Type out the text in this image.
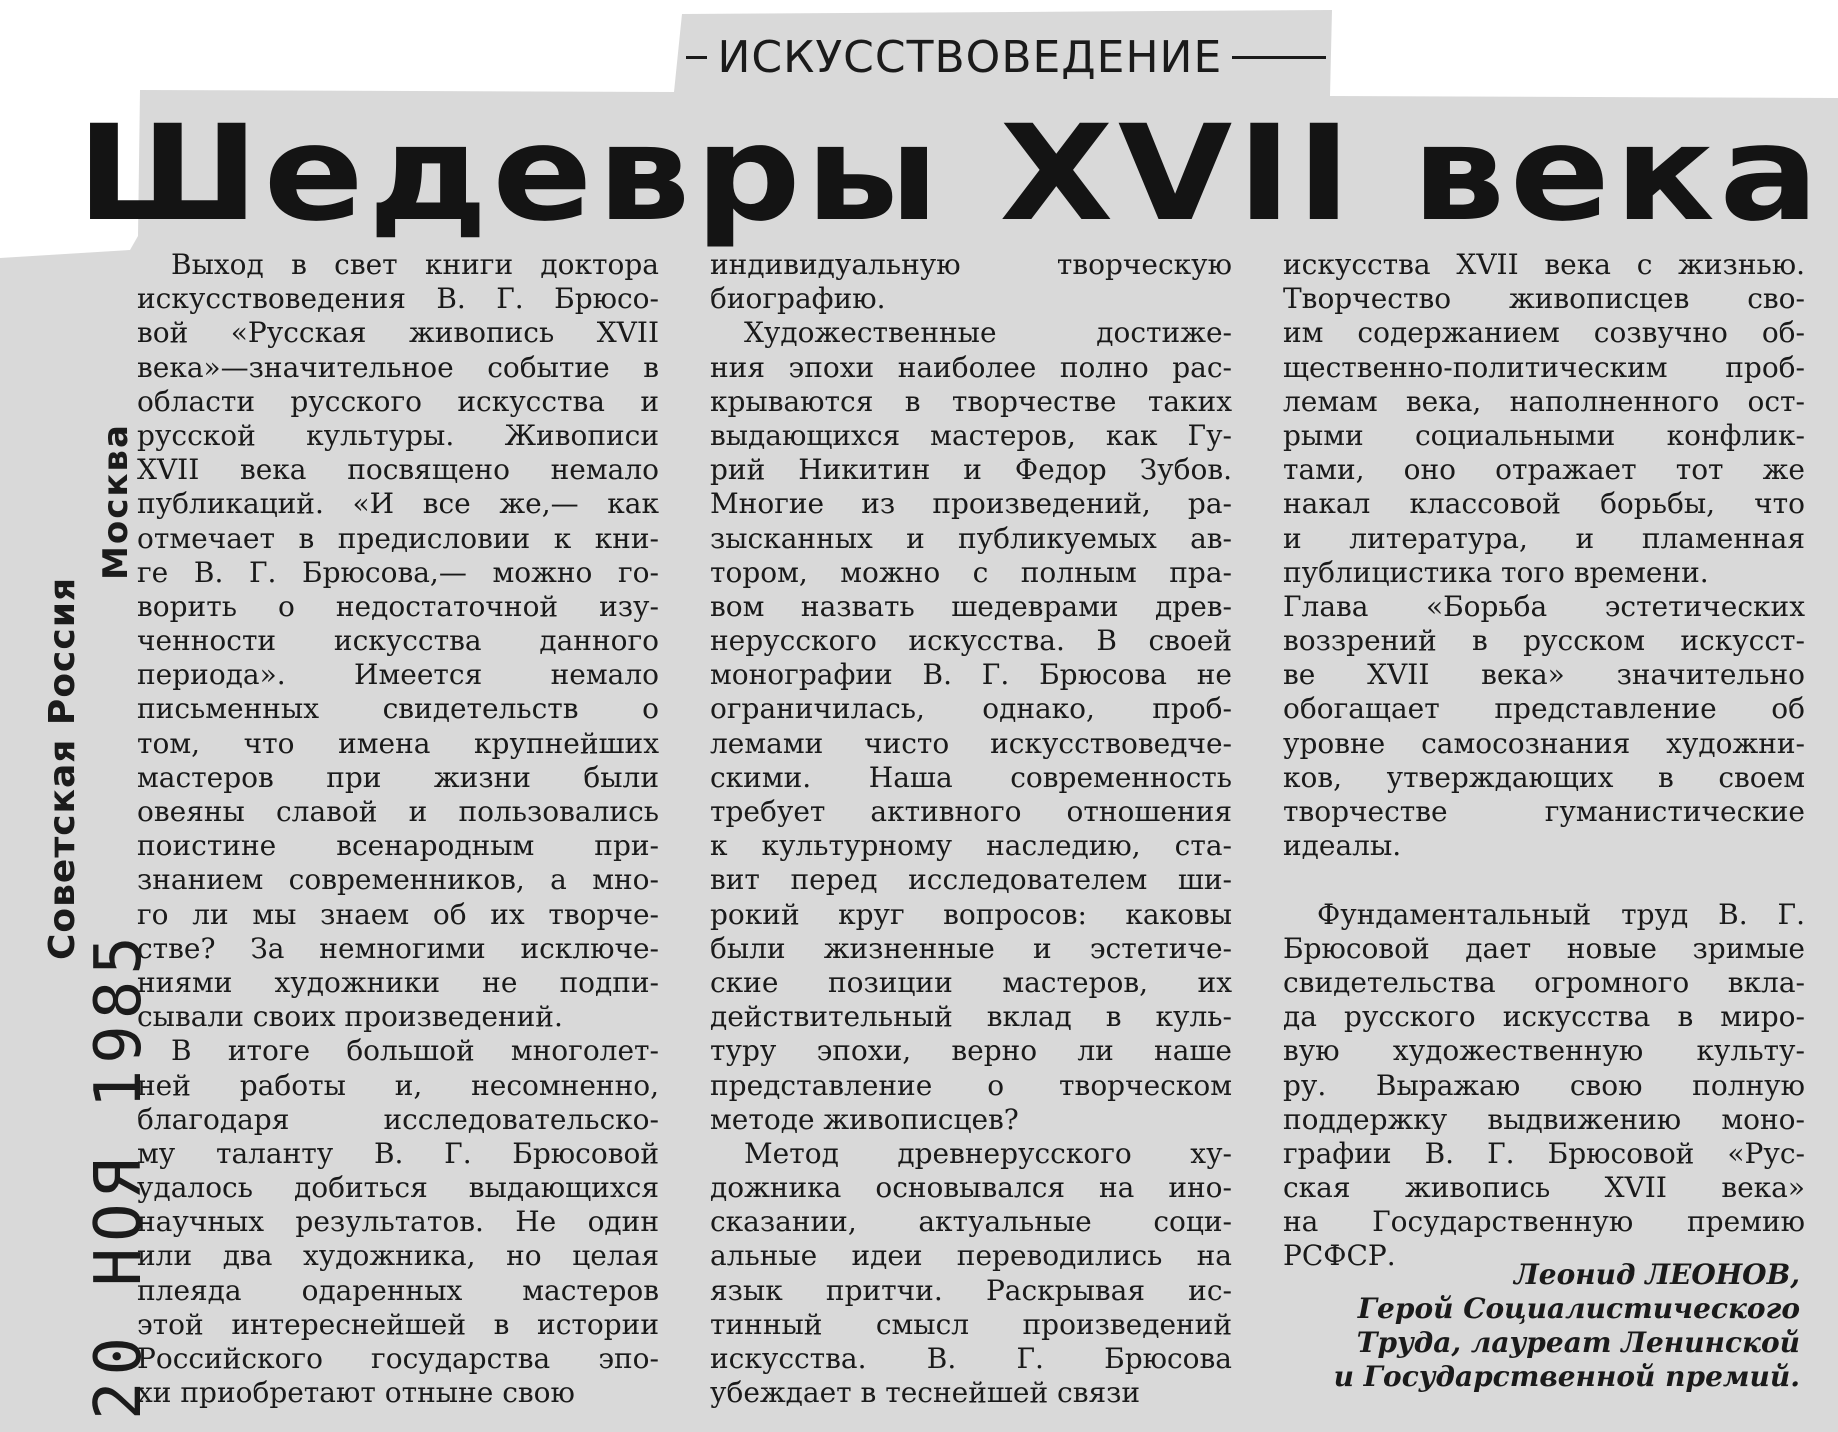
ИСКУССТВОВЕДЕНИЕ
Шедевры XVII века
Советская Россия
Москва
20 НОЯ 1985
Выход в свет книги доктора
искусствоведения В. Г. Брюсо-
вой «Русская живопись XVII
века»—значительное событие в
области русского искусства и
русской культуры. Живописи
XVII века посвящено немало
публикаций. «И все же,— как
отмечает в предисловии к кни-
ге В. Г. Брюсова,— можно го-
ворить о недостаточной изу-
ченности искусства данного
периода». Имеется немало
письменных свидетельств о
том, что имена крупнейших
мастеров при жизни были
овеяны славой и пользовались
поистине всенародным при-
знанием современников, а мно-
го ли мы знаем об их творче-
стве? За немногими исключе-
ниями художники не подпи-
сывали своих произведений.
В итоге большой многолет-
ней работы и, несомненно,
благодаря исследовательско-
му таланту В. Г. Брюсовой
удалось добиться выдающихся
научных результатов. Не один
или два художника, но целая
плеяда одаренных мастеров
этой интереснейшей в истории
Российского государства эпо-
хи приобретают отныне свою
индивидуальную творческую
биографию.
Художественные достиже-
ния эпохи наиболее полно рас-
крываются в творчестве таких
выдающихся мастеров, как Гу-
рий Никитин и Федор Зубов.
Многие из произведений, ра-
зысканных и публикуемых ав-
тором, можно с полным пра-
вом назвать шедеврами древ-
нерусского искусства. В своей
монографии В. Г. Брюсова не
ограничилась, однако, проб-
лемами чисто искусствоведче-
скими. Наша современность
требует активного отношения
к культурному наследию, ста-
вит перед исследователем ши-
рокий круг вопросов: каковы
были жизненные и эстетиче-
ские позиции мастеров, их
действительный вклад в куль-
туру эпохи, верно ли наше
представление о творческом
методе живописцев?
Метод древнерусского ху-
дожника основывался на ино-
сказании, актуальные соци-
альные идеи переводились на
язык притчи. Раскрывая ис-
тинный смысл произведений
искусства. В. Г. Брюсова
убеждает в теснейшей связи
искусства XVII века с жизнью.
Творчество живописцев сво-
им содержанием созвучно об-
щественно-политическим проб-
лемам века, наполненного ост-
рыми социальными конфлик-
тами, оно отражает тот же
накал классовой борьбы, что
и литература, и пламенная
публицистика того времени.
Глава «Борьба эстетических
воззрений в русском искусст-
ве XVII века» значительно
обогащает представление об
уровне самосознания художни-
ков, утверждающих в своем
творчестве гуманистические
идеалы.
Фундаментальный труд В. Г.
Брюсовой дает новые зримые
свидетельства огромного вкла-
да русского искусства в миро-
вую художественную культу-
ру. Выражаю свою полную
поддержку выдвижению моно-
графии В. Г. Брюсовой «Рус-
ская живопись XVII века»
на Государственную премию
РСФСР.
Леонид ЛЕОНОВ,
Герой Социалистического
Труда, лауреат Ленинской
и Государственной премий.
